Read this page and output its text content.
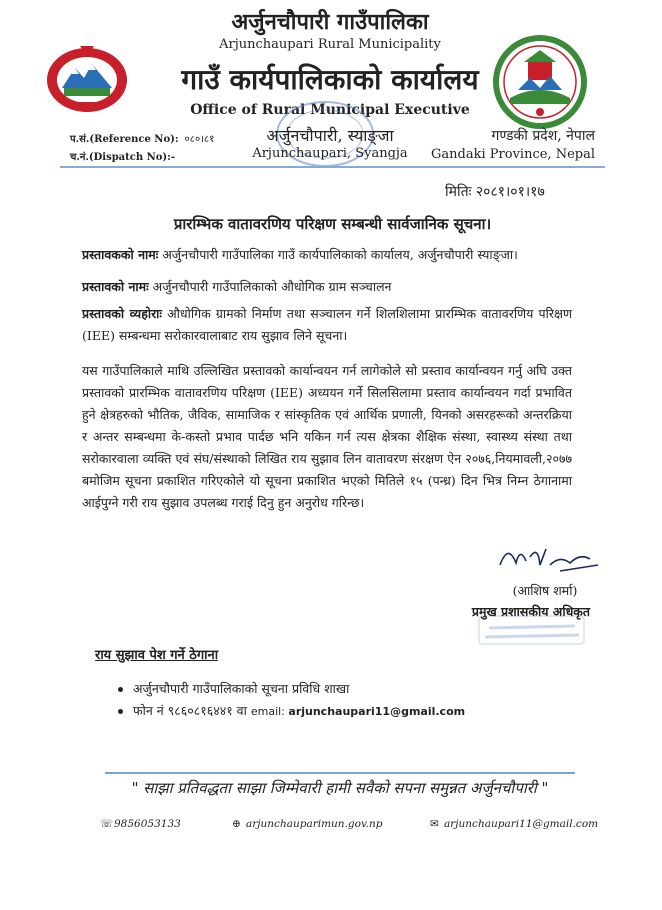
अर्जुनचौपारी गाउँपालिका
Arjunchaupari Rural Municipality
गाउँ कार्यपालिकाको कार्यालय
Office of Rural Municipal Executive
अर्जुनचौपारी, स्याङ्जा
Arjunchaupari, Syangja
गण्डकी प्रदेश, नेपाल
Gandaki Province, Nepal
प.सं.(Reference No): ०८०।८१
च.नं.(Dispatch No):-
मितिः २०८१।०१।१७
प्रारम्भिक वातावरणिय परिक्षण सम्बन्धी सार्वजानिक सूचना।
प्रस्तावकको नामः अर्जुनचौपारी गाउँपालिका गाउँ कार्यपालिकाको कार्यालय, अर्जुनचौपारी स्याङ्जा।
प्रस्तावको नामः अर्जुनचौपारी गाउँपालिकाको औधोगिक ग्राम सञ्चालन
प्रस्तावको व्यहोराः औधोगिक ग्रामको निर्माण तथा सञ्चालन गर्ने शिलशिलामा प्रारम्भिक वातावरणिय परिक्षण (IEE) सम्बन्धमा सरोकारवालाबाट राय सुझाव लिने सूचना।
यस गाउँपालिकाले माथि उल्लिखित प्रस्तावको कार्यान्वयन गर्न लागेकोले सो प्रस्ताव कार्यान्वयन गर्नु अघि उक्त प्रस्तावको प्रारम्भिक वातावरणिय परिक्षण (IEE) अध्ययन गर्ने सिलसिलामा प्रस्ताव कार्यान्वयन गर्दा प्रभावित हुने क्षेत्रहरुको भौतिक, जैविक, सामाजिक र सांस्कृतिक एवं आर्थिक प्रणाली, यिनको असरहरूको अन्तरक्रिया र अन्तर सम्बन्धमा के-कस्तो प्रभाव पार्दछ भनि यकिन गर्न त्यस क्षेत्रका शैक्षिक संस्था, स्वास्थ्य संस्था तथा सरोकारवाला व्यक्ति एवं संघ/संस्थाको लिखित राय सुझाव लिन वातावरण संरक्षण ऐन २०७६,नियमावली,२०७७ बमोजिम सूचना प्रकाशित गरिएकोले यो सूचना प्रकाशित भएको मितिले १५ (पन्ध्र) दिन भित्र निम्न ठेगानामा आईपुग्ने गरी राय सुझाव उपलब्ध गराई दिनु हुन अनुरोध गरिन्छ।
(आशिष शर्मा)
प्रमुख प्रशासकीय अधिकृत
राय सुझाव पेश गर्ने ठेगाना
अर्जुनचौपारी गाउँपालिकाको सूचना प्रविधि शाखा
फोन नं ९८६०८१६४४१ वा email: arjunchaupari11@gmail.com
" साझा प्रतिवद्धता साझा जिम्मेवारी हामी सवैको सपना समुन्नत अर्जुनचौपारी "
☏9856053133	⊕ arjunchauparimun.gov.np	✉ arjunchaupari11@gmail.com
